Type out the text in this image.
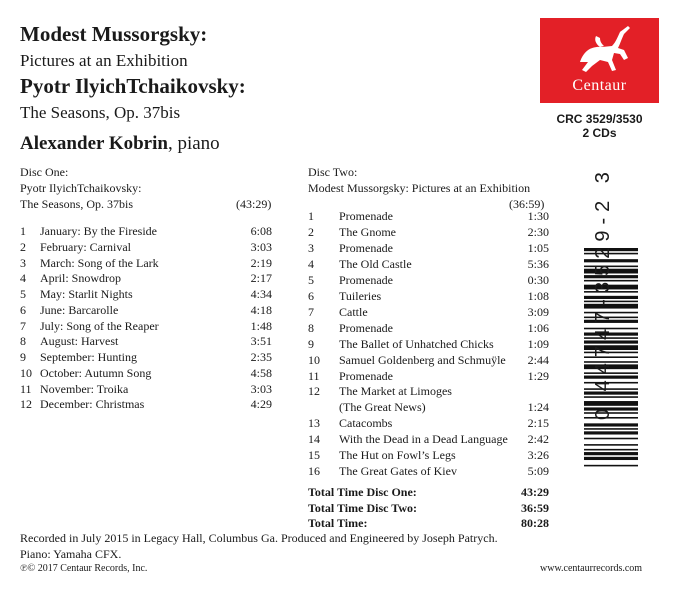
Modest Mussorgsky:
Pictures at an Exhibition
Pyotr IlyichTchaikovsky:
The Seasons, Op. 37bis
Alexander Kobrin, piano
Centaur
CRC 3529/3530
2 CDs
Disc One:
Pyotr IlyichTchaikovsky:
The Seasons, Op. 37bis	(43:29)
1 January: By the Fireside	6:08
2 February: Carnival	3:03
3 March: Song of the Lark	2:19
4 April: Snowdrop	2:17
5 May: Starlit Nights	4:34
6 June: Barcarolle	4:18
7 July: Song of the Reaper	1:48
8 August: Harvest	3:51
9 September: Hunting	2:35
10 October: Autumn Song	4:58
11 November: Troika	3:03
12 December: Christmas	4:29
Disc Two:
Modest Mussorgsky: Pictures at an Exhibition
(36:59)
1 Promenade	1:30
2 The Gnome	2:30
3 Promenade	1:05
4 The Old Castle	5:36
5 Promenade	0:30
6 Tuileries	1:08
7 Cattle	3:09
8 Promenade	1:06
9 The Ballet of Unhatched Chicks	1:09
10 Samuel Goldenberg and Schmuÿle 2:44
11 Promenade	1:29
12 The Market at Limoges
(The Great News)	1:24
13 Catacombs	2:15
14 With the Dead in a Dead Language 2:42
15 The Hut on Fowl’s Legs	3:26
16 The Great Gates of Kiev	5:09
Total Time Disc One:	43:29
Total Time Disc Two:	36:59
Total Time:	80:28
0 44747-3529-2 3
Recorded in July 2015 in Legacy Hall, Columbus Ga. Produced and Engineered by Joseph Patrych.
Piano: Yamaha CFX.
℗© 2017 Centaur Records, Inc.	www.centaurrecords.com
